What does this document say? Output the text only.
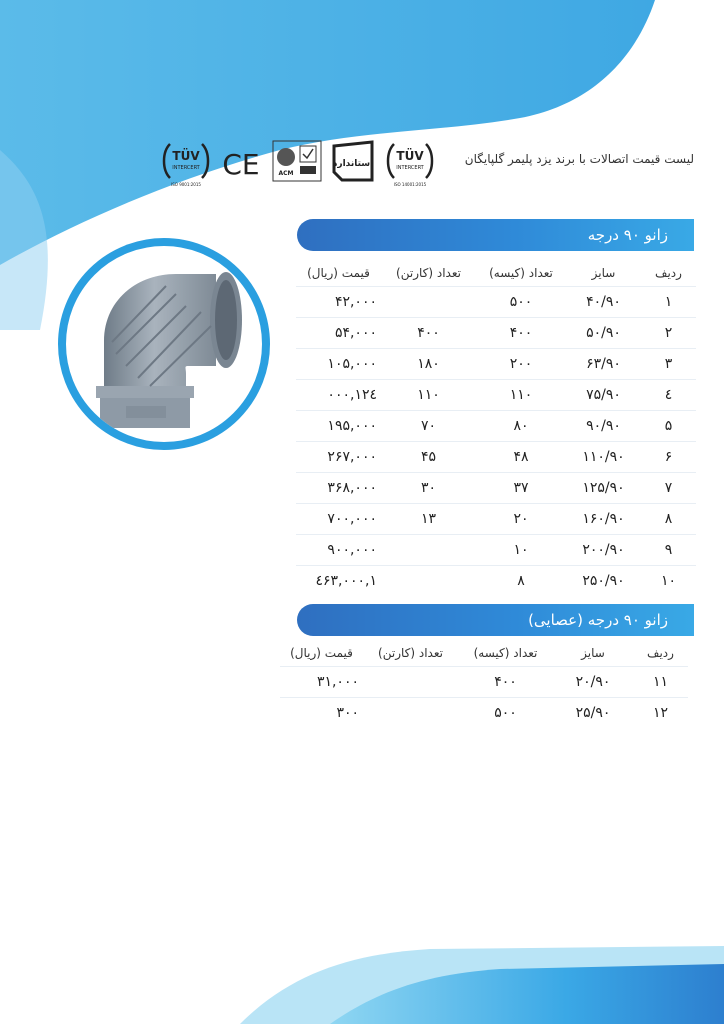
لیست قیمت اتصالات با برند یزد پلیمر گلپایگان
TÜV
INTERCERT
ISO 9001:2015
CE	ACM
استاندارد
TÜV
INTERCERT
ISO 14001:2015
زانو ۹۰ درجه
ردیف	سایز	تعداد (کیسه)	تعداد (کارتن)	قیمت (ریال)
۱	۴۰/۹۰	۵۰۰		۴۲,۰۰۰
۲	۵۰/۹۰	۴۰۰	۴۰۰	۵۴,۰۰۰
۳	۶۳/۹۰	۲۰۰	۱۸۰	۱۰۵,۰۰۰
٤	۷۵/۹۰	۱۱۰	۱۱۰	۱۲٤,۰۰۰
۵	۹۰/۹۰	۸۰	۷۰	۱۹۵,۰۰۰
۶	۱۱۰/۹۰	۴۸	۴۵	۲۶۷,۰۰۰
۷	۱۲۵/۹۰	۳۷	۳۰	۳۶۸,۰۰۰
۸	۱۶۰/۹۰	۲۰	۱۳	۷۰۰,۰۰۰
۹	۲۰۰/۹۰	۱۰		۹۰۰,۰۰۰
۱۰	۲۵۰/۹۰	۸		۱,٤۶۳,۰۰۰
زانو ۹۰ درجه (عصایی)
ردیف	سایز	تعداد (کیسه)	تعداد (کارتن)	قیمت (ریال)
۱۱	۲۰/۹۰	۴۰۰		۳۱,۰۰۰
۱۲	۲۵/۹۰	۵۰۰		۳۰۰
